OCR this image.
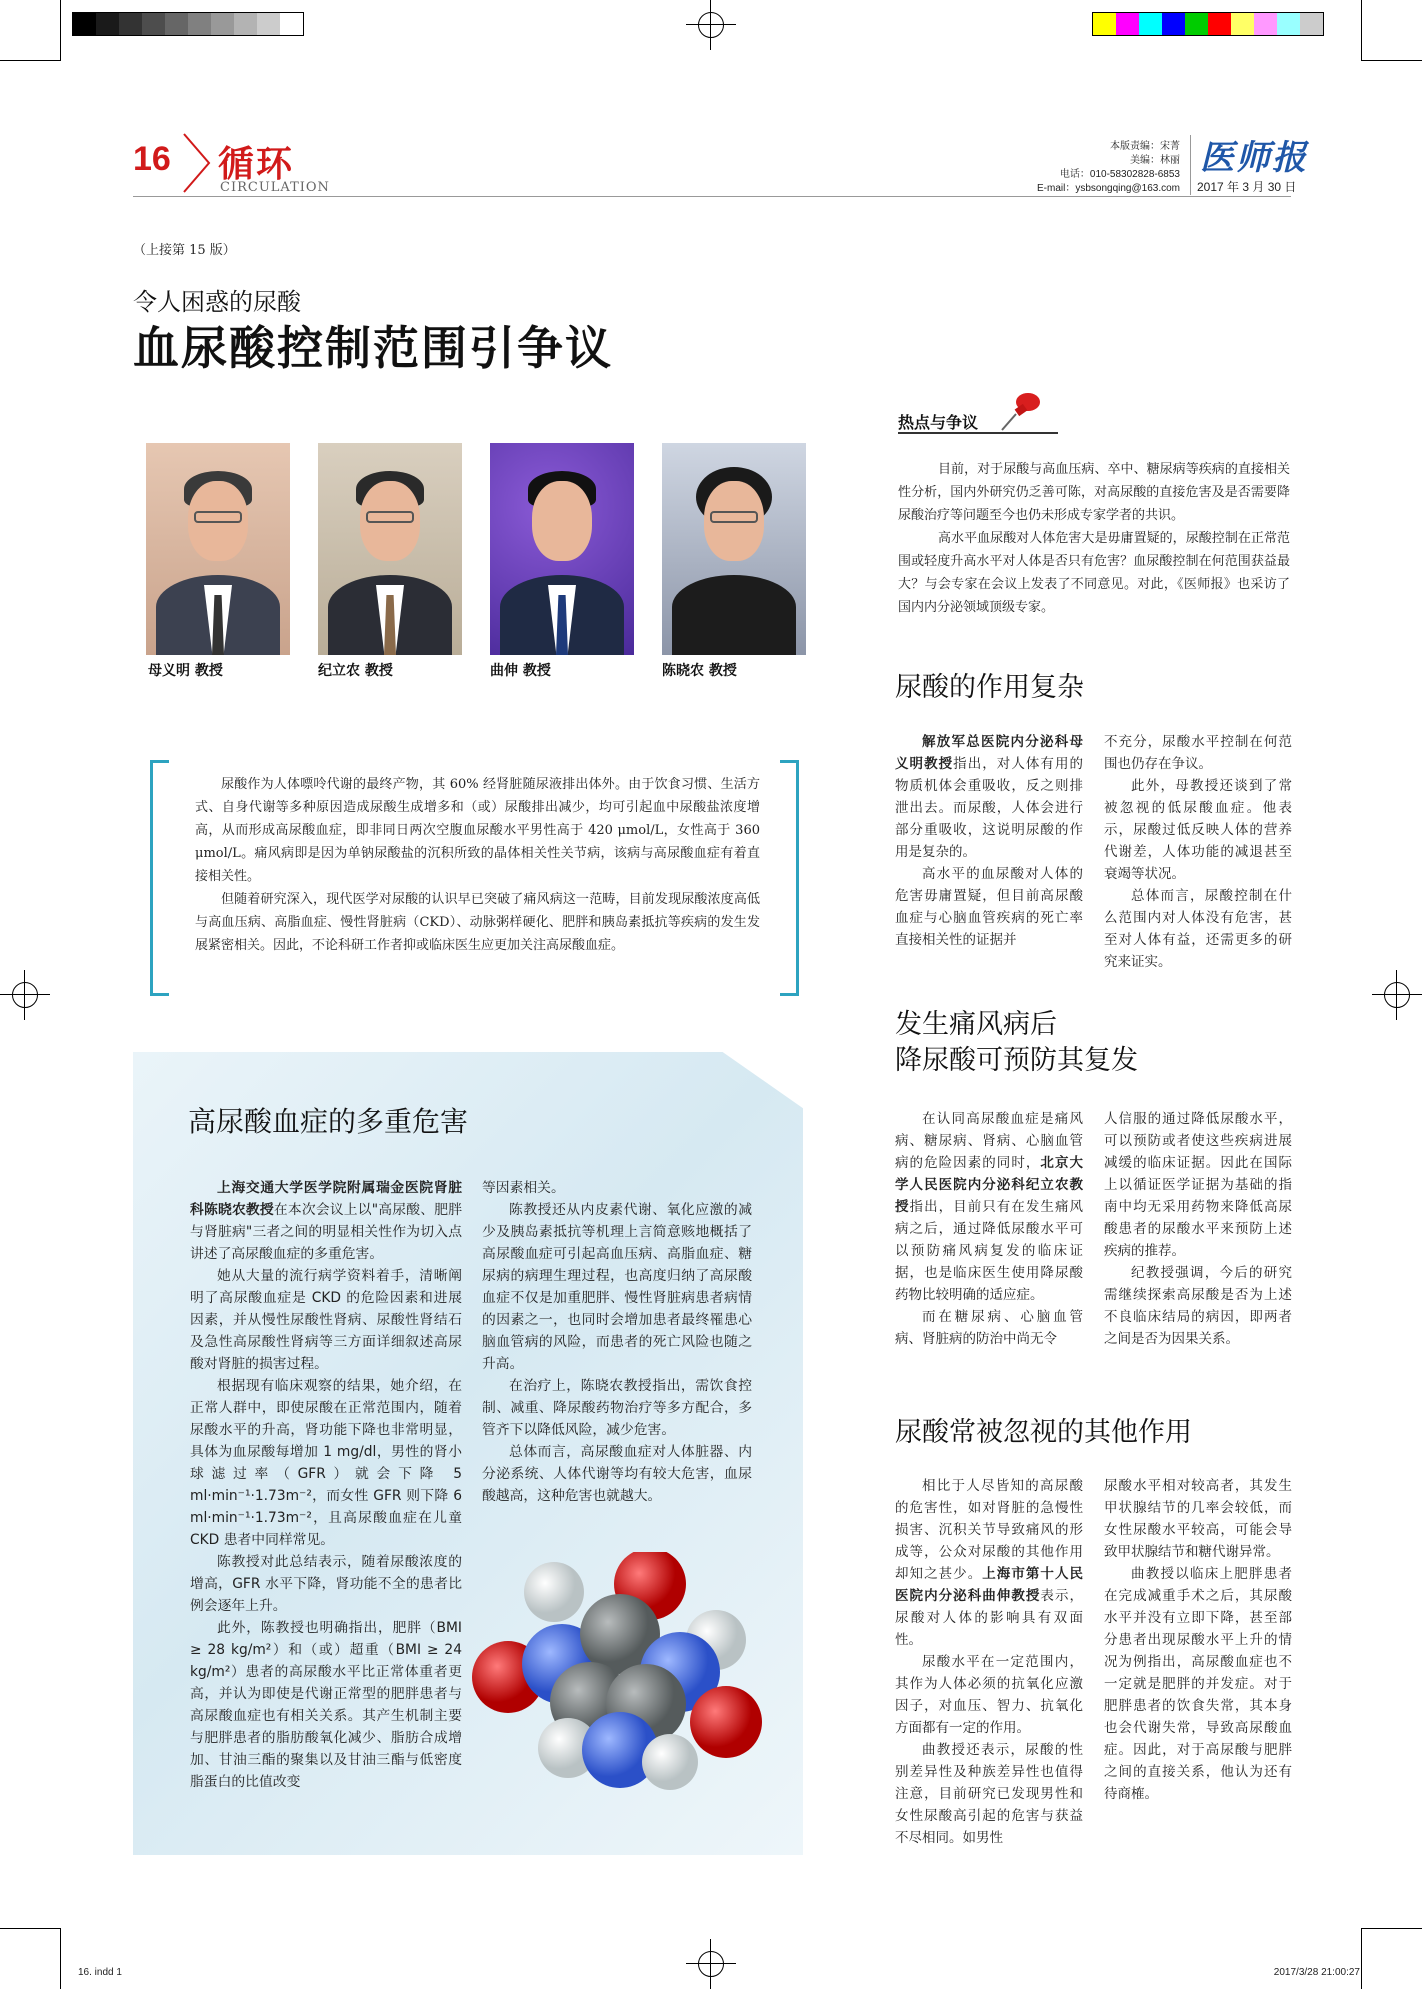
16 循环
CIRCULATION
本版责编：宋菁
美编：林丽
电话：010-58302828-6853
E-mail：ysbsongqing@163.com
医师报
2017 年 3 月 30 日
（上接第 15 版）
令人困惑的尿酸
血尿酸控制范围引争议
母义明 教授	纪立农 教授	曲伸 教授	陈晓农 教授

尿酸作为人体嘌呤代谢的最终产物，其 60% 经肾脏随尿液排出体外。由于饮食习惯、生活方式、自身代谢等多种原因造成尿酸生成增多和（或）尿酸排出减少，均可引起血中尿酸盐浓度增高，从而形成高尿酸血症，即非同日两次空腹血尿酸水平男性高于 420 μmol/L，女性高于 360 μmol/L。痛风病即是因为单钠尿酸盐的沉积所致的晶体相关性关节病，该病与高尿酸血症有着直接相关性。

但随着研究深入，现代医学对尿酸的认识早已突破了痛风病这一范畴，目前发现尿酸浓度高低与高血压病、高脂血症、慢性肾脏病（CKD）、动脉粥样硬化、肥胖和胰岛素抵抗等疾病的发生发展紧密相关。因此，不论科研工作者抑或临床医生应更加关注高尿酸血症。

热点与争议

目前，对于尿酸与高血压病、卒中、糖尿病等疾病的直接相关性分析，国内外研究仍乏善可陈，对高尿酸的直接危害及是否需要降尿酸治疗等问题至今也仍未形成专家学者的共识。

高水平血尿酸对人体危害大是毋庸置疑的，尿酸控制在正常范围或轻度升高水平对人体是否只有危害？血尿酸控制在何范围获益最大？与会专家在会议上发表了不同意见。对此，《医师报》也采访了国内内分泌领域顶级专家。

尿酸的作用复杂

解放军总医院内分泌科母义明教授指出，对人体有用的物质机体会重吸收，反之则排泄出去。而尿酸，人体会进行部分重吸收，这说明尿酸的作用是复杂的。

高水平的血尿酸对人体的危害毋庸置疑，但目前高尿酸血症与心脑血管疾病的死亡率直接相关性的证据并

不充分，尿酸水平控制在何范围也仍存在争议。

此外，母教授还谈到了常被忽视的低尿酸血症。他表示，尿酸过低反映人体的营养代谢差，人体功能的减退甚至衰竭等状况。

总体而言，尿酸控制在什么范围内对人体没有危害，甚至对人体有益，还需更多的研究来证实。

发生痛风病后
降尿酸可预防其复发

在认同高尿酸血症是痛风病、糖尿病、肾病、心脑血管病的危险因素的同时，北京大学人民医院内分泌科纪立农教授指出，目前只有在发生痛风病之后，通过降低尿酸水平可以预防痛风病复发的临床证据，也是临床医生使用降尿酸药物比较明确的适应症。

而在糖尿病、心脑血管病、肾脏病的防治中尚无令

人信服的通过降低尿酸水平，可以预防或者使这些疾病进展减缓的临床证据。因此在国际上以循证医学证据为基础的指南中均无采用药物来降低高尿酸患者的尿酸水平来预防上述疾病的推荐。

纪教授强调，今后的研究需继续探索高尿酸是否为上述不良临床结局的病因，即两者之间是否为因果关系。

尿酸常被忽视的其他作用

相比于人尽皆知的高尿酸的危害性，如对肾脏的急慢性损害、沉积关节导致痛风的形成等，公众对尿酸的其他作用却知之甚少。上海市第十人民医院内分泌科曲伸教授表示，尿酸对人体的影响具有双面性。

尿酸水平在一定范围内，其作为人体必须的抗氧化应激因子，对血压、智力、抗氧化方面都有一定的作用。

曲教授还表示，尿酸的性别差异性及种族差异性也值得注意，目前研究已发现男性和女性尿酸高引起的危害与获益不尽相同。如男性

尿酸水平相对较高者，其发生甲状腺结节的几率会较低，而女性尿酸水平较高，可能会导致甲状腺结节和糖代谢异常。

曲教授以临床上肥胖患者在完成减重手术之后，其尿酸水平并没有立即下降，甚至部分患者出现尿酸水平上升的情况为例指出，高尿酸血症也不一定就是肥胖的并发症。对于肥胖患者的饮食失常，其本身也会代谢失常，导致高尿酸血症。因此，对于高尿酸与肥胖之间的直接关系，他认为还有待商榷。

高尿酸血症的多重危害

上海交通大学医学院附属瑞金医院肾脏科陈晓农教授在本次会议上以"高尿酸、肥胖与肾脏病"三者之间的明显相关性作为切入点讲述了高尿酸血症的多重危害。

她从大量的流行病学资料着手，清晰阐明了高尿酸血症是 CKD 的危险因素和进展因素，并从慢性尿酸性肾病、尿酸性肾结石及急性高尿酸性肾病等三方面详细叙述高尿酸对肾脏的损害过程。

根据现有临床观察的结果，她介绍，在正常人群中，即使尿酸在正常范围内，随着尿酸水平的升高，肾功能下降也非常明显，具体为血尿酸每增加 1 mg/dl，男性的肾小球滤过率（GFR）就会下降 5 ml·min⁻¹·1.73m⁻²，而女性 GFR 则下降 6 ml·min⁻¹·1.73m⁻²，且高尿酸血症在儿童 CKD 患者中同样常见。

陈教授对此总结表示，随着尿酸浓度的增高，GFR 水平下降，肾功能不全的患者比例会逐年上升。

此外，陈教授也明确指出，肥胖（BMI ≥ 28 kg/m²）和（或）超重（BMI ≥ 24 kg/m²）患者的高尿酸水平比正常体重者更高，并认为即使是代谢正常型的肥胖患者与高尿酸血症也有相关关系。其产生机制主要与肥胖患者的脂肪酸氧化减少、脂肪合成增加、甘油三酯的聚集以及甘油三酯与低密度脂蛋白的比值改变

等因素相关。

陈教授还从内皮素代谢、氧化应激的减少及胰岛素抵抗等机理上言简意赅地概括了高尿酸血症可引起高血压病、高脂血症、糖尿病的病理生理过程，也高度归纳了高尿酸血症不仅是加重肥胖、慢性肾脏病患者病情的因素之一，也同时会增加患者最终罹患心脑血管病的风险，而患者的死亡风险也随之升高。

在治疗上，陈晓农教授指出，需饮食控制、减重、降尿酸药物治疗等多方配合，多管齐下以降低风险，减少危害。

总体而言，高尿酸血症对人体脏器、内分泌系统、人体代谢等均有较大危害，血尿酸越高，这种危害也就越大。

16. indd 1	2017/3/28 21:00:27
